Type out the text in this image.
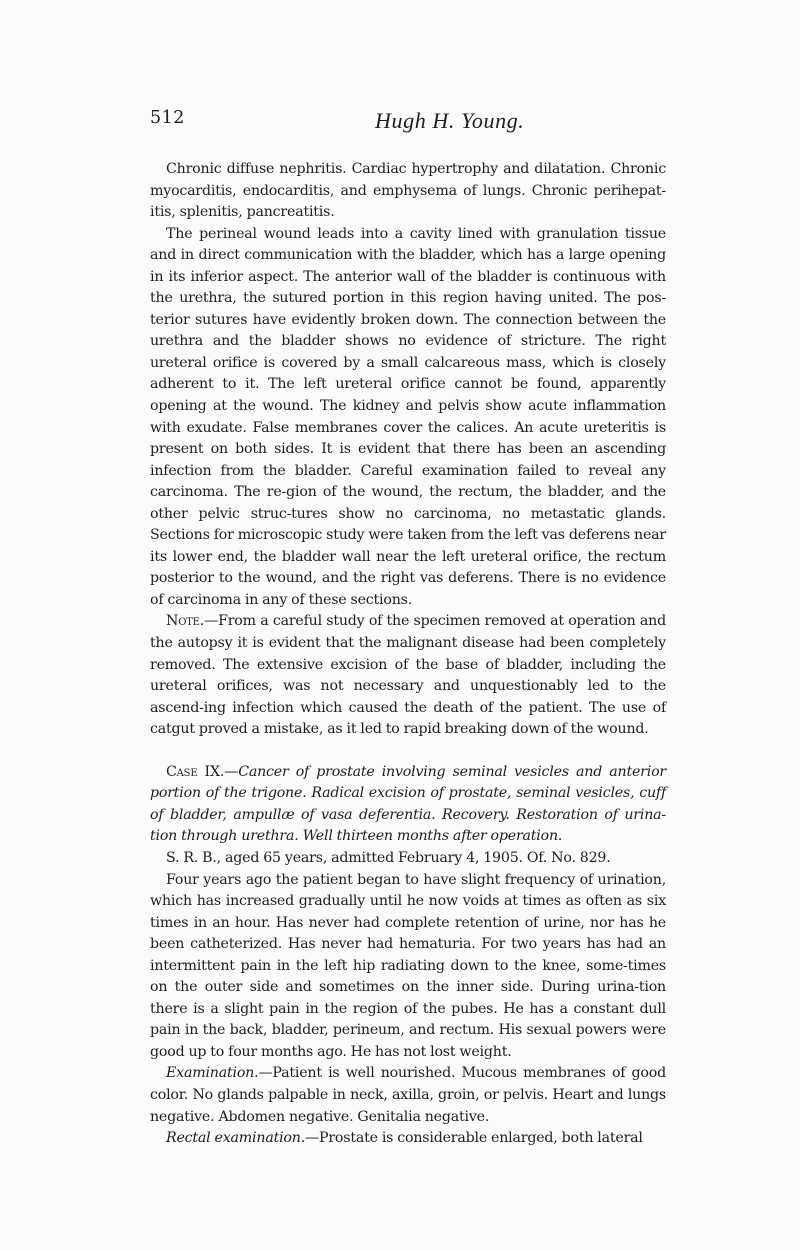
512	Hugh H. Young.

Chronic diffuse nephritis. Cardiac hypertrophy and dilatation. Chronic myocarditis, endocarditis, and emphysema of lungs. Chronic perihepat-itis, splenitis, pancreatitis.

The perineal wound leads into a cavity lined with granulation tissue and in direct communication with the bladder, which has a large opening in its inferior aspect. The anterior wall of the bladder is continuous with the urethra, the sutured portion in this region having united. The pos-terior sutures have evidently broken down. The connection between the urethra and the bladder shows no evidence of stricture. The right ureteral orifice is covered by a small calcareous mass, which is closely adherent to it. The left ureteral orifice cannot be found, apparently opening at the wound. The kidney and pelvis show acute inflammation with exudate. False membranes cover the calices. An acute ureteritis is present on both sides. It is evident that there has been an ascending infection from the bladder. Careful examination failed to reveal any carcinoma. The re-gion of the wound, the rectum, the bladder, and the other pelvic struc-tures show no carcinoma, no metastatic glands. Sections for microscopic study were taken from the left vas deferens near its lower end, the bladder wall near the left ureteral orifice, the rectum posterior to the wound, and the right vas deferens. There is no evidence of carcinoma in any of these sections.

Note.—From a careful study of the specimen removed at operation and the autopsy it is evident that the malignant disease had been completely removed. The extensive excision of the base of bladder, including the ureteral orifices, was not necessary and unquestionably led to the ascend-ing infection which caused the death of the patient. The use of catgut proved a mistake, as it led to rapid breaking down of the wound.

Case IX.—Cancer of prostate involving seminal vesicles and anterior portion of the trigone. Radical excision of prostate, seminal vesicles, cuff of bladder, ampullæ of vasa deferentia. Recovery. Restoration of urina-tion through urethra. Well thirteen months after operation.

S. R. B., aged 65 years, admitted February 4, 1905. Of. No. 829.

Four years ago the patient began to have slight frequency of urination, which has increased gradually until he now voids at times as often as six times in an hour. Has never had complete retention of urine, nor has he been catheterized. Has never had hematuria. For two years has had an intermittent pain in the left hip radiating down to the knee, some-times on the outer side and sometimes on the inner side. During urina-tion there is a slight pain in the region of the pubes. He has a constant dull pain in the back, bladder, perineum, and rectum. His sexual powers were good up to four months ago. He has not lost weight.

Examination.—Patient is well nourished. Mucous membranes of good color. No glands palpable in neck, axilla, groin, or pelvis. Heart and lungs negative. Abdomen negative. Genitalia negative.

Rectal examination.—Prostate is considerable enlarged, both lateral
